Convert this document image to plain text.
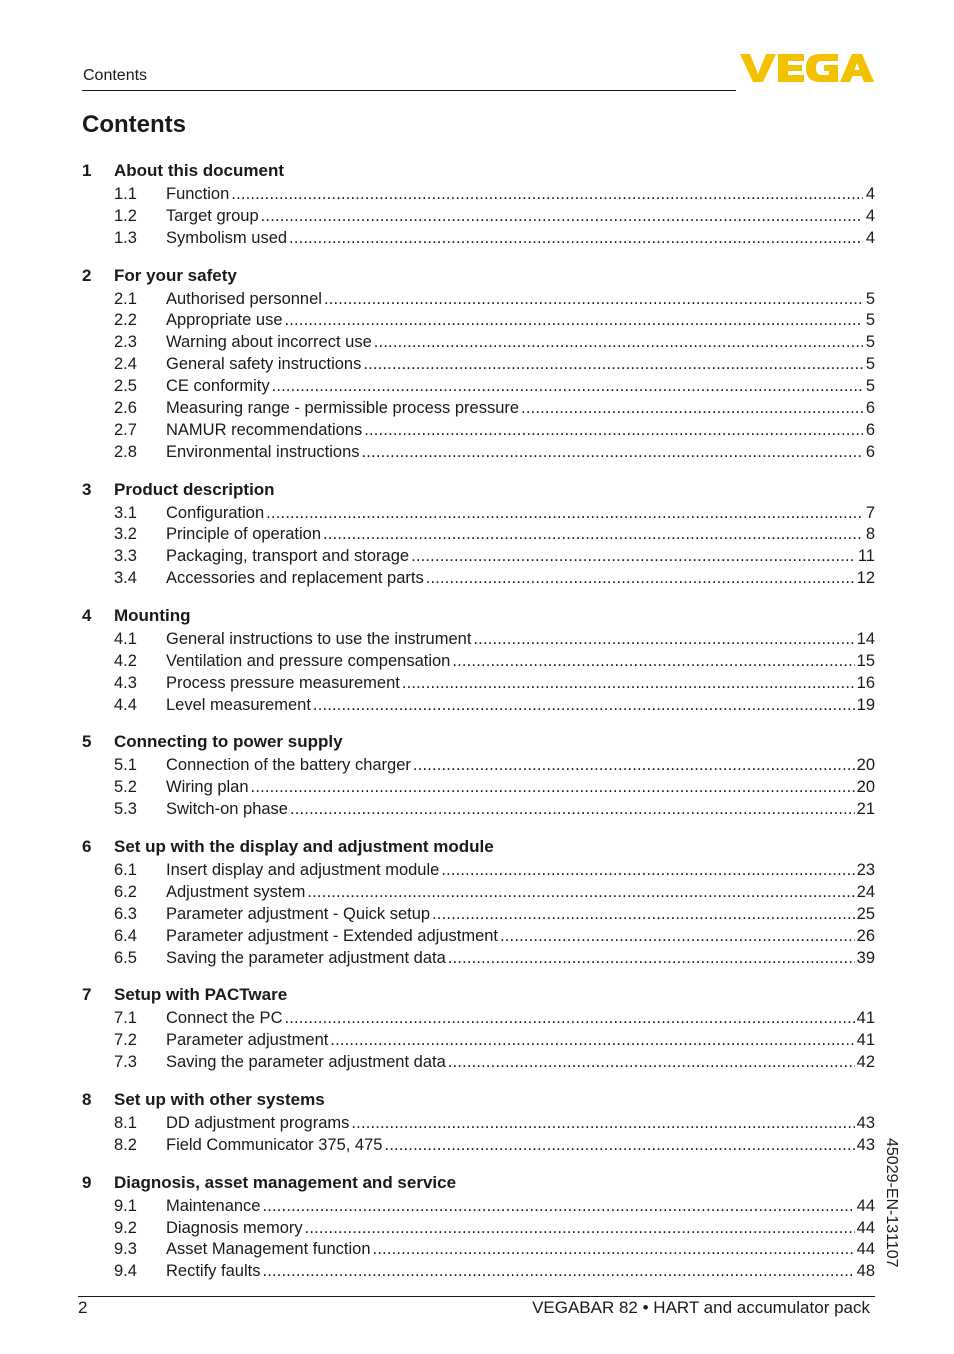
Contents
Contents
1	About this document
1.1	Function . . .	4
1.2	Target group . . .	4
1.3	Symbolism used . . .	4
2	For your safety
2.1	Authorised personnel . . .	5
2.2	Appropriate use . . .	5
2.3	Warning about incorrect use . . .	5
2.4	General safety instructions . . .	5
2.5	CE conformity . . .	5
2.6	Measuring range - permissible process pressure . . .	6
2.7	NAMUR recommendations . . .	6
2.8	Environmental instructions . . .	6
3	Product description
3.1	Configuration . . .	7
3.2	Principle of operation . . .	8
3.3	Packaging, transport and storage . . .	11
3.4	Accessories and replacement parts . . .	12
4	Mounting
4.1	General instructions to use the instrument . . .	14
4.2	Ventilation and pressure compensation . . .	15
4.3	Process pressure measurement . . .	16
4.4	Level measurement . . .	19
5	Connecting to power supply
5.1	Connection of the battery charger . . .	20
5.2	Wiring plan . . .	20
5.3	Switch-on phase . . .	21
6	Set up with the display and adjustment module
6.1	Insert display and adjustment module . . .	23
6.2	Adjustment system . . .	24
6.3	Parameter adjustment - Quick setup . . .	25
6.4	Parameter adjustment - Extended adjustment . . .	26
6.5	Saving the parameter adjustment data . . .	39
7	Setup with PACTware
7.1	Connect the PC . . .	41
7.2	Parameter adjustment . . .	41
7.3	Saving the parameter adjustment data . . .	42
8	Set up with other systems
8.1	DD adjustment programs . . .	43
8.2	Field Communicator 375, 475 . . .	43
9	Diagnosis, asset management and service
9.1	Maintenance . . .	44
9.2	Diagnosis memory . . .	44
9.3	Asset Management function . . .	44
9.4	Rectify faults . . .	48
45029-EN-131107
2	VEGABAR 82 • HART and accumulator pack
